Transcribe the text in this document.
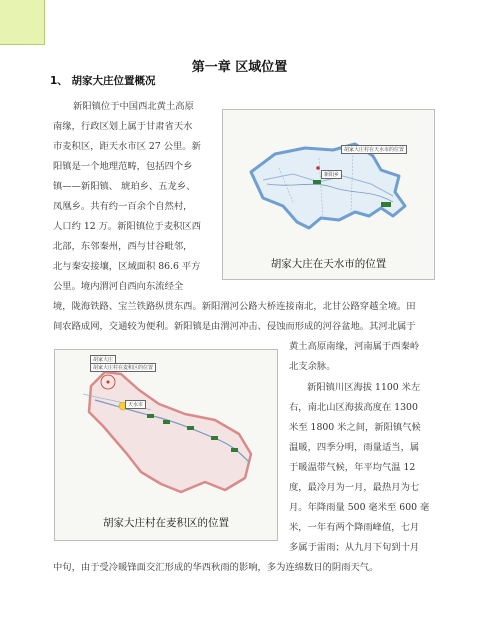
第一章 区域位置
1、 胡家大庄位置概况
胡家大庄村在天水市的位置
新阳乡
胡家大庄在天水市的位置
胡家大庄
胡家大庄村在麦积区的位置
天水市
胡家大庄村在麦积区的位置
新阳镇位于中国西北黄土高原
南缘，行政区划上属于甘肃省天水
市麦积区，距天水市区 27 公里。新
阳镇是一个地理范畴，包括四个乡
镇——新阳镇、 琥珀乡、五龙乡、
凤凰乡。共有约一百余个自然村，
人口约 12 万。新阳镇位于麦积区西
北部，东邻秦州，西与甘谷毗邻，
北与秦安接壤，区域面积 86.6 平方
公里。境内渭河自西向东流经全
境，陇海铁路、宝兰铁路纵贯东西。新阳渭河公路大桥连接南北，北甘公路穿越全境。田
间农路成网，交通较为便利。新阳镇是由渭河冲击、侵蚀而形成的河谷盆地。其河北属于
黄土高原南缘，河南属于西秦岭
北支余脉。
新阳镇川区海拔 1100 米左
右，南北山区海拔高度在 1300
米至 1800 米之间，新阳镇气候
温暖，四季分明，雨量适当，属
于暖温带气候，年平均气温 12
度，最冷月为一月，最热月为七
月。年降雨量 500 毫米至 600 毫
米，一年有两个降雨峰值，七月
多属于雷雨；从九月下旬到十月
中旬，由于受冷暖锋面交汇形成的华西秋雨的影响，多为连绵数日的阴雨天气。
